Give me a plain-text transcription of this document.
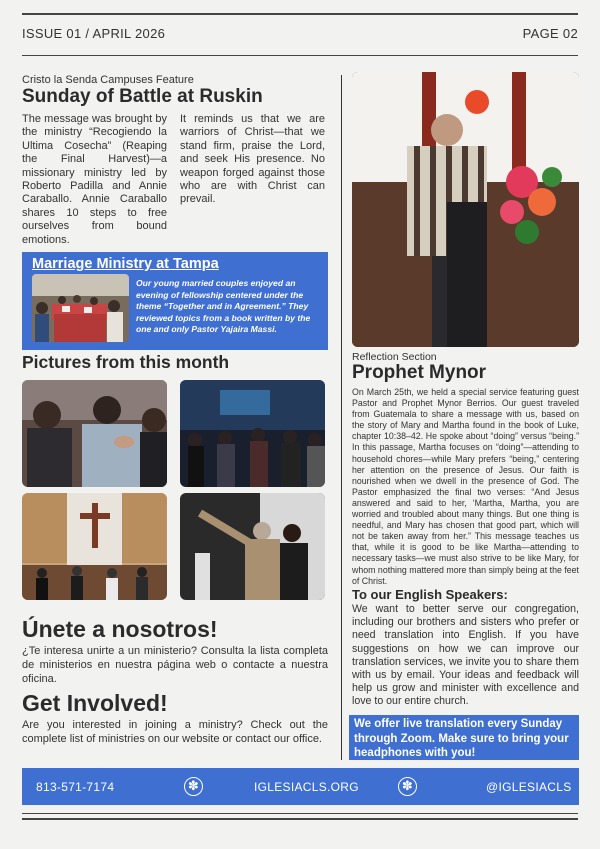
ISSUE 01 / APRIL 2026	PAGE 02
Cristo la Senda Campuses Feature
Sunday of Battle at Ruskin
The message was brought by the ministry “Recogiendo la Ultima Cosecha” (Reaping the Final Harvest)—a missionary ministry led by Roberto Padilla and Annie Caraballo. Annie Caraballo shares 10 steps to free ourselves from bound emotions.
It reminds us that we are warriors of Christ—that we stand firm, praise the Lord, and seek His presence. No weapon forged against those who are with Christ can prevail.
Marriage Ministry at Tampa
Our young married couples enjoyed an evening of fellowship centered under the theme “Together and in Agreement.” They reviewed topics from a book written by the one and only Pastor Yajaira Massi.
Pictures from this month
Únete a nosotros!
¿Te interesa unirte a un ministerio? Consulta la lista completa de ministerios en nuestra página web o contacte a nuestra oficina.
Get Involved!
Are you interested in joining a ministry? Check out the complete list of ministries on our website or contact our office.
Reflection Section
Prophet Mynor
On March 25th, we held a special service featuring guest Pastor and Prophet Mynor Berrios. Our guest traveled from Guatemala to share a message with us, based on the story of Mary and Martha found in the book of Luke, chapter 10:38–42. He spoke about “doing” versus “being.” In this passage, Martha focuses on “doing”—attending to household chores—while Mary prefers “being,” centering her attention on the presence of Jesus. Our faith is nourished when we dwell in the presence of God. The Pastor emphasized the final two verses: “And Jesus answered and said to her, ‘Martha, Martha, you are worried and troubled about many things. But one thing is needful, and Mary has chosen that good part, which will not be taken away from her.” This message teaches us that, while it is good to be like Martha—attending to necessary tasks—we must also strive to be like Mary, for whom nothing mattered more than simply being at the feet of Christ.
To our English Speakers:
We want to better serve our congregation, including our brothers and sisters who prefer or need translation into English. If you have suggestions on how we can improve our translation services, we invite you to share them with us by email. Your ideas and feedback will help us grow and minister with excellence and love to our entire church.
We offer live translation every Sunday through Zoom. Make sure to bring your headphones with you!
813-571-7174	✽	IGLESIACLS.ORG	✽	@IGLESIACLS
